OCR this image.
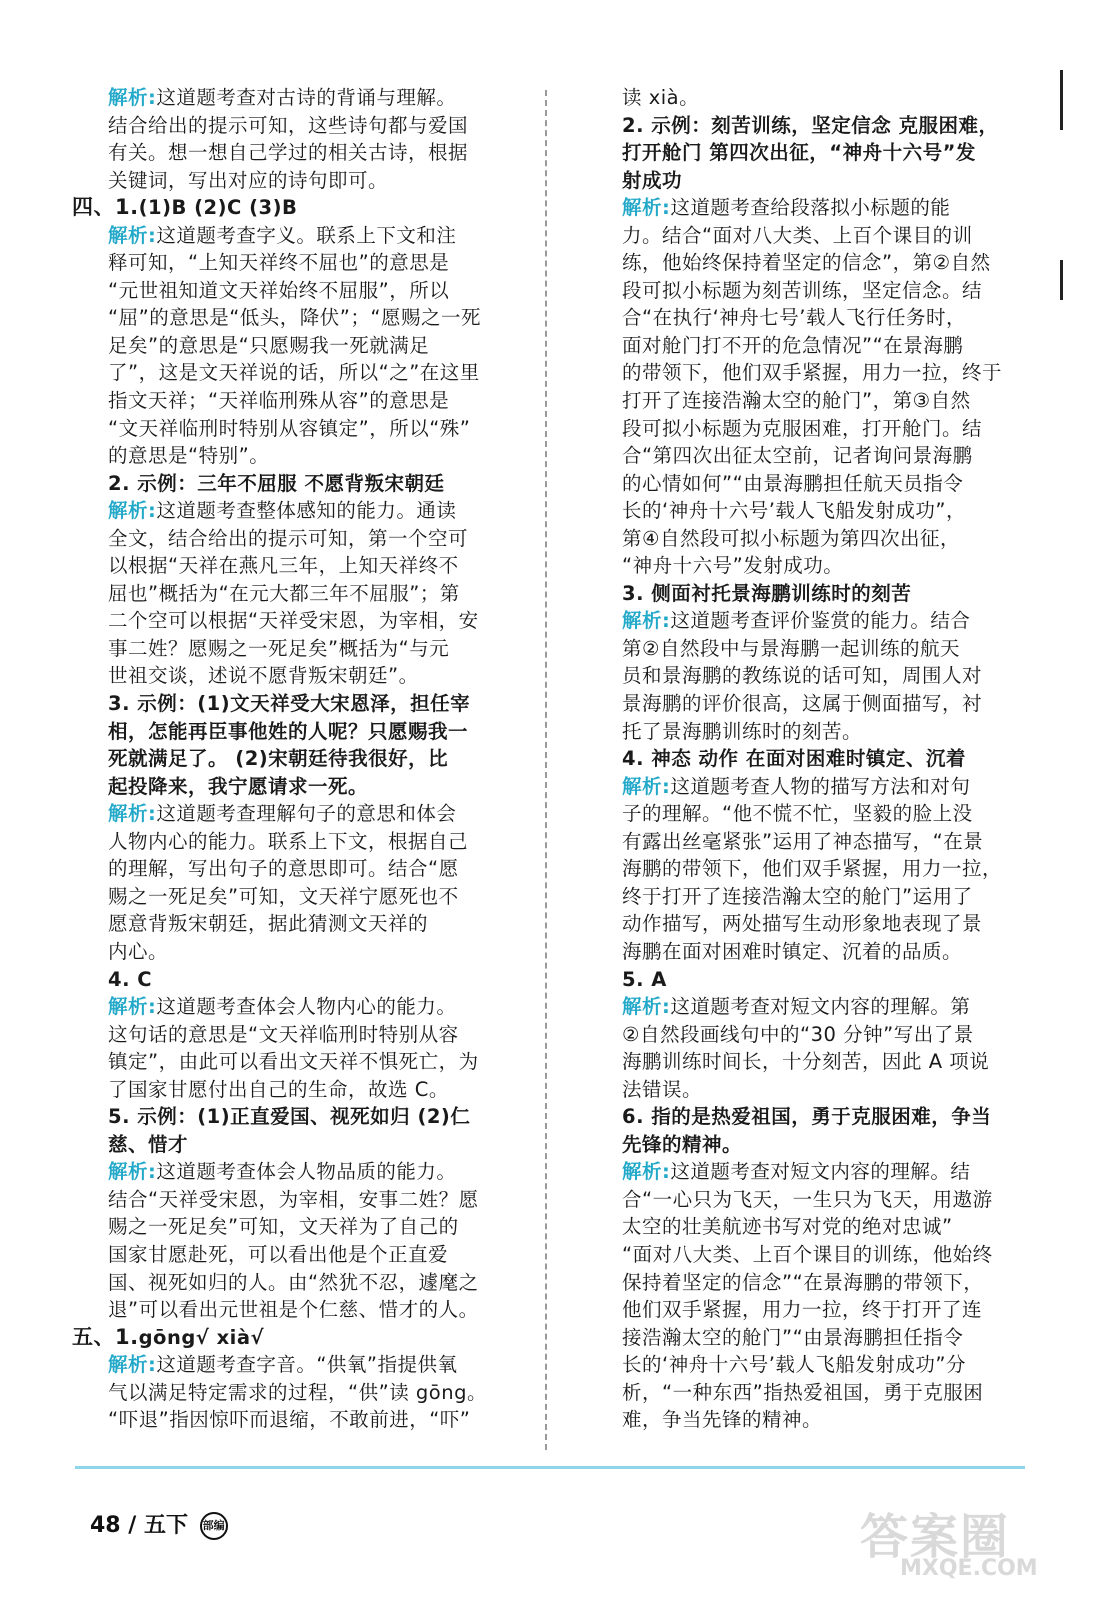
解析:这道题考查对古诗的背诵与理解。
结合给出的提示可知，这些诗句都与爱国
有关。想一想自己学过的相关古诗，根据
关键词，写出对应的诗句即可。
四、1.(1)B (2)C (3)B
解析:这道题考查字义。联系上下文和注
释可知，“上知天祥终不屈也”的意思是
“元世祖知道文天祥始终不屈服”，所以
“屈”的意思是“低头，降伏”；“愿赐之一死
足矣”的意思是“只愿赐我一死就满足
了”，这是文天祥说的话，所以“之”在这里
指文天祥；“天祥临刑殊从容”的意思是
“文天祥临刑时特别从容镇定”，所以“殊”
的意思是“特别”。
2. 示例：三年不屈服 不愿背叛宋朝廷
解析:这道题考查整体感知的能力。通读
全文，结合给出的提示可知，第一个空可
以根据“天祥在燕凡三年，上知天祥终不
屈也”概括为“在元大都三年不屈服”；第
二个空可以根据“天祥受宋恩，为宰相，安
事二姓？愿赐之一死足矣”概括为“与元
世祖交谈，述说不愿背叛宋朝廷”。
3. 示例：(1)文天祥受大宋恩泽，担任宰
相，怎能再臣事他姓的人呢？只愿赐我一
死就满足了。 (2)宋朝廷待我很好，比
起投降来，我宁愿请求一死。
解析:这道题考查理解句子的意思和体会
人物内心的能力。联系上下文，根据自己
的理解，写出句子的意思即可。结合“愿
赐之一死足矣”可知，文天祥宁愿死也不
愿意背叛宋朝廷，据此猜测文天祥的
内心。
4. C
解析:这道题考查体会人物内心的能力。
这句话的意思是“文天祥临刑时特别从容
镇定”，由此可以看出文天祥不惧死亡，为
了国家甘愿付出自己的生命，故选 C。
5. 示例：(1)正直爱国、视死如归 (2)仁
慈、惜才
解析:这道题考查体会人物品质的能力。
结合“天祥受宋恩，为宰相，安事二姓？愿
赐之一死足矣”可知，文天祥为了自己的
国家甘愿赴死，可以看出他是个正直爱
国、视死如归的人。由“然犹不忍，遽麾之
退”可以看出元世祖是个仁慈、惜才的人。
五、1.gōng√ xià√
解析:这道题考查字音。“供氧”指提供氧
气以满足特定需求的过程，“供”读 gōng。
“吓退”指因惊吓而退缩，不敢前进，“吓”
读 xià。
2. 示例：刻苦训练，坚定信念 克服困难，
打开舱门 第四次出征，“神舟十六号”发
射成功
解析:这道题考查给段落拟小标题的能
力。结合“面对八大类、上百个课目的训
练，他始终保持着坚定的信念”，第②自然
段可拟小标题为刻苦训练，坚定信念。结
合“在执行‘神舟七号’载人飞行任务时，
面对舱门打不开的危急情况”“在景海鹏
的带领下，他们双手紧握，用力一拉，终于
打开了连接浩瀚太空的舱门”，第③自然
段可拟小标题为克服困难，打开舱门。结
合“第四次出征太空前，记者询问景海鹏
的心情如何”“由景海鹏担任航天员指令
长的‘神舟十六号’载人飞船发射成功”，
第④自然段可拟小标题为第四次出征，
“神舟十六号”发射成功。
3. 侧面衬托景海鹏训练时的刻苦
解析:这道题考查评价鉴赏的能力。结合
第②自然段中与景海鹏一起训练的航天
员和景海鹏的教练说的话可知，周围人对
景海鹏的评价很高，这属于侧面描写，衬
托了景海鹏训练时的刻苦。
4. 神态 动作 在面对困难时镇定、沉着
解析:这道题考查人物的描写方法和对句
子的理解。“他不慌不忙，坚毅的脸上没
有露出丝毫紧张”运用了神态描写，“在景
海鹏的带领下，他们双手紧握，用力一拉，
终于打开了连接浩瀚太空的舱门”运用了
动作描写，两处描写生动形象地表现了景
海鹏在面对困难时镇定、沉着的品质。
5. A
解析:这道题考查对短文内容的理解。第
②自然段画线句中的“30 分钟”写出了景
海鹏训练时间长，十分刻苦，因此 A 项说
法错误。
6. 指的是热爱祖国，勇于克服困难，争当
先锋的精神。
解析:这道题考查对短文内容的理解。结
合“一心只为飞天，一生只为飞天，用遨游
太空的壮美航迹书写对党的绝对忠诚”
“面对八大类、上百个课目的训练，他始终
保持着坚定的信念”“在景海鹏的带领下，
他们双手紧握，用力一拉，终于打开了连
接浩瀚太空的舱门”“由景海鹏担任指令
长的‘神舟十六号’载人飞船发射成功”分
析，“一种东西”指热爱祖国，勇于克服困
难，争当先锋的精神。
48 / 五下 部编	答案圈
MXQE.COM
